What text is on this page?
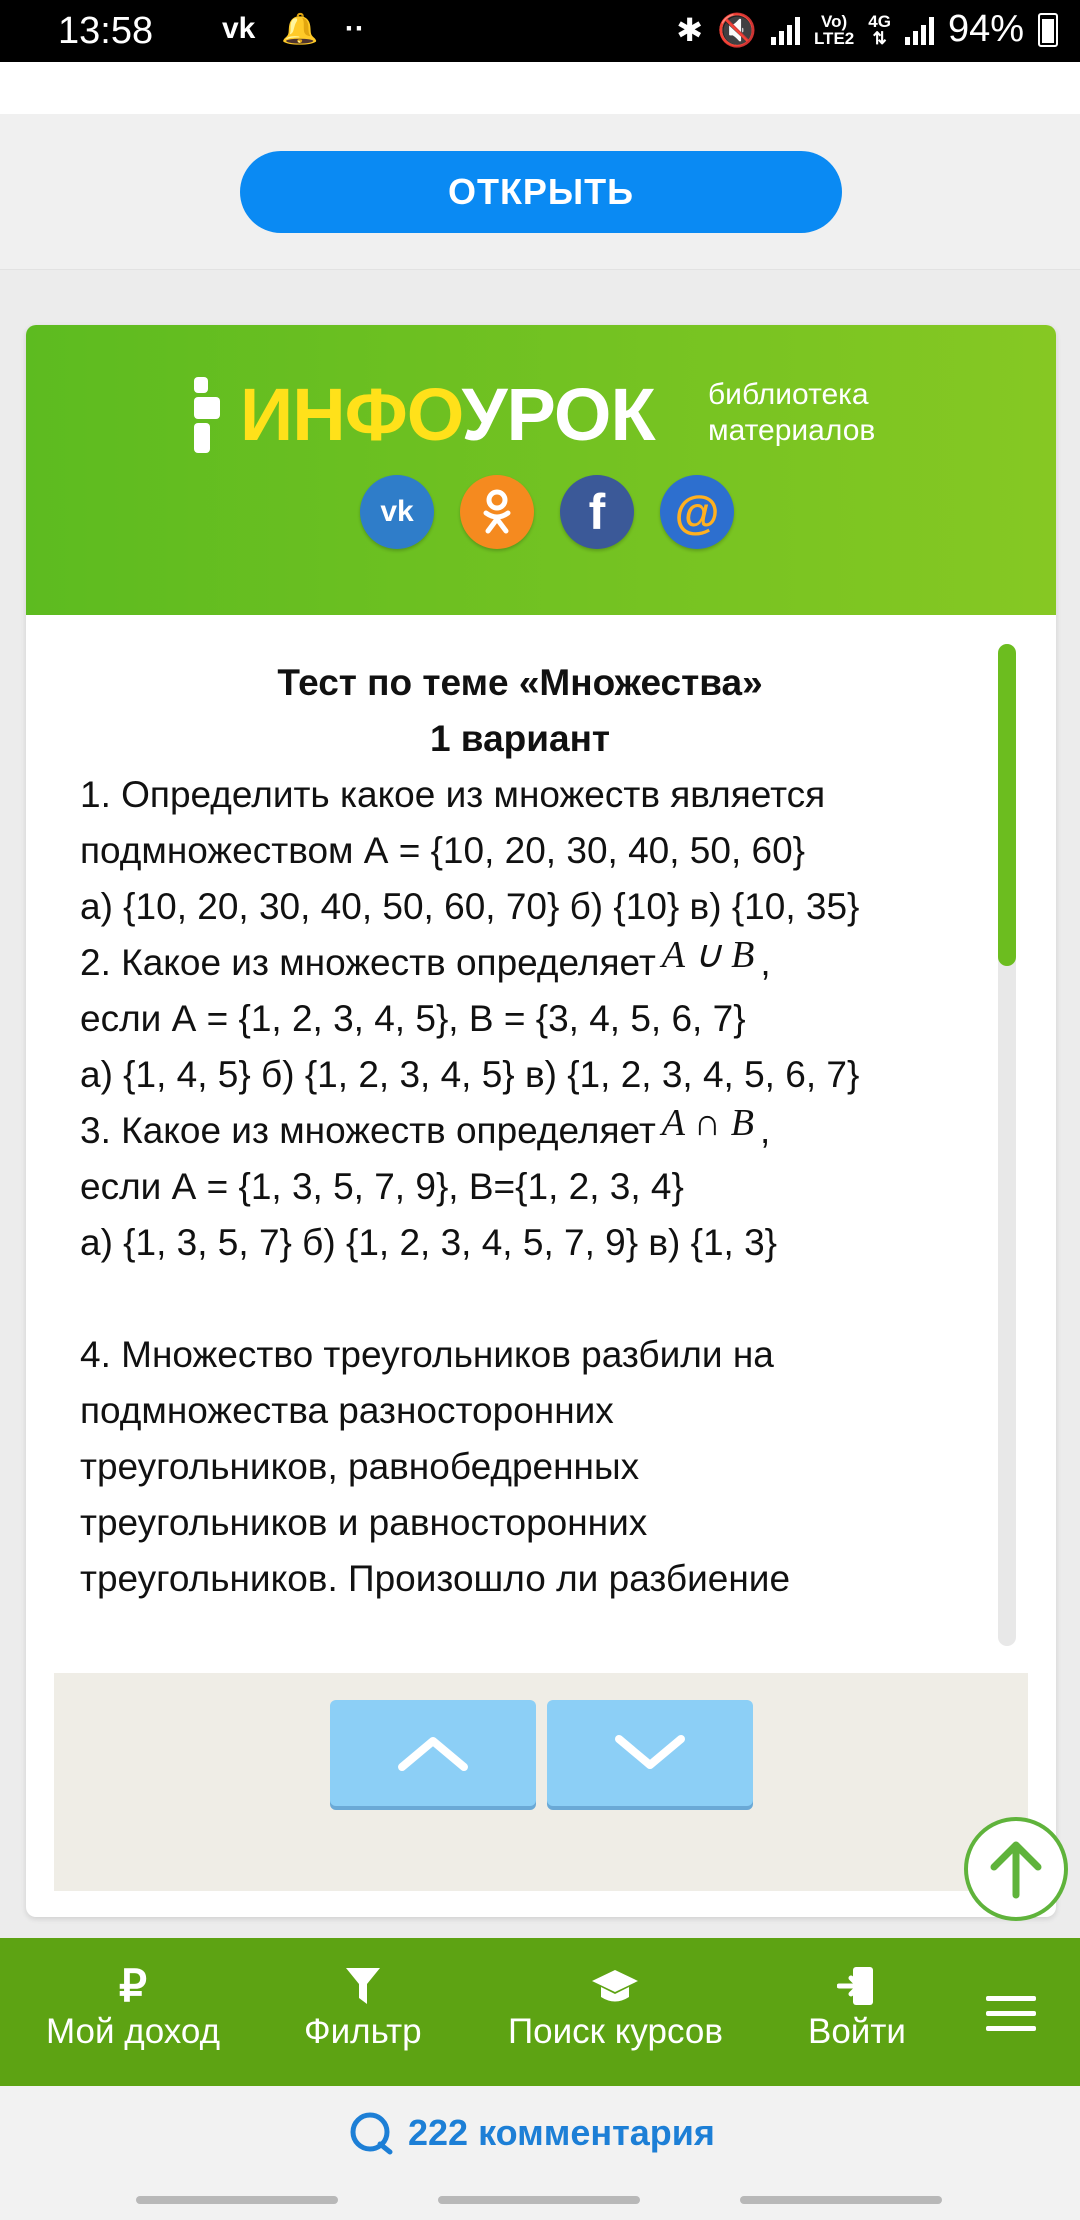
13:58 vk 🔔 ··	✱ 🔇	Vo)
LTE2
4G
⇅ 94%
ОТКРЫТЬ
ИНФОУРОК библиотека
материалов
vk	f	@
Тест по теме «Множества»
1 вариант
1. Определить какое из множеств является
подмножеством А = {10, 20, 30, 40, 50, 60}
а) {10, 20, 30, 40, 50, 60, 70} б) {10} в) {10, 35}
2. Какое из множеств определяет A ∪ B ,
если А = {1, 2, 3, 4, 5}, В = {3, 4, 5, 6, 7}
а) {1, 4, 5} б) {1, 2, 3, 4, 5} в) {1, 2, 3, 4, 5, 6, 7}
3. Какое из множеств определяет A ∩ B ,
если А = {1, 3, 5, 7, 9}, В={1, 2, 3, 4}
а) {1, 3, 5, 7} б) {1, 2, 3, 4, 5, 7, 9} в) {1, 3}
4. Множество треугольников разбили на
подмножества разносторонних
треугольников, равнобедренных
треугольников и равносторонних
треугольников. Произошло ли разбиение
₽
Мой доход Фильтр Поиск курсов Войти
222 комментария
